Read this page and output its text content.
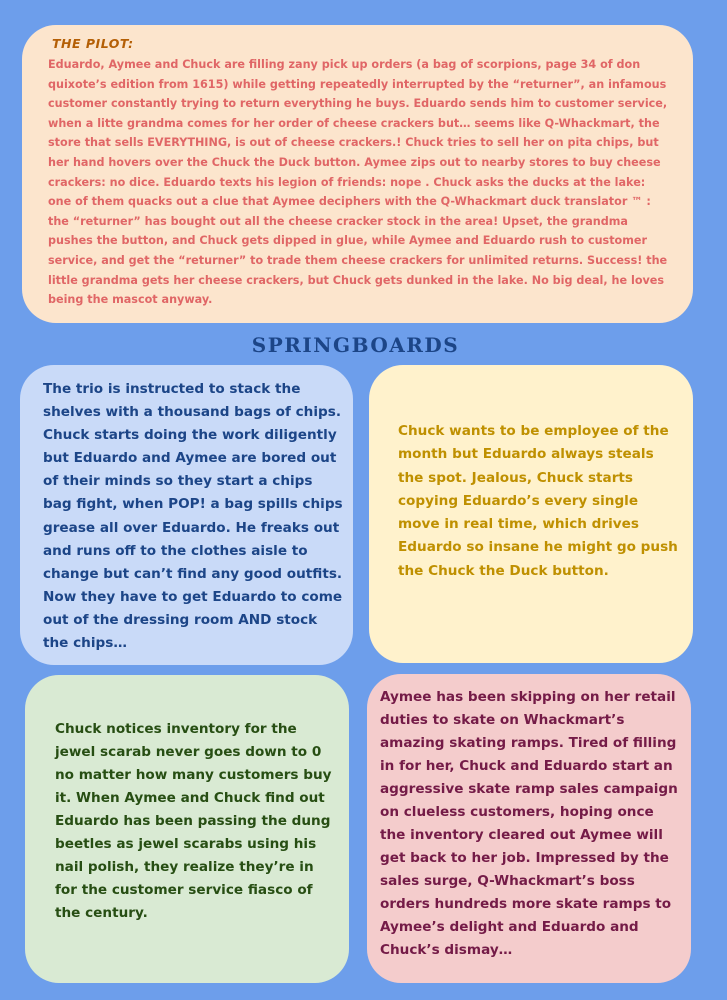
THE PILOT:

Eduardo, Aymee and Chuck are filling zany pick up orders (a bag of scorpions, page 34 of don quixote’s edition from 1615) while getting repeatedly interrupted by the “returner”, an infamous customer constantly trying to return everything he buys. Eduardo sends him to customer service, when a litte grandma comes for her order of cheese crackers but… seems like Q-Whackmart, the store that sells EVERYTHING, is out of cheese crackers.! Chuck tries to sell her on pita chips, but her hand hovers over the Chuck the Duck button. Aymee zips out to nearby stores to buy cheese crackers: no dice. Eduardo texts his legion of friends: nope . Chuck asks the ducks at the lake: one of them quacks out a clue that Aymee deciphers with the Q-Whackmart duck translator ™ : the “returner” has bought out all the cheese cracker stock in the area! Upset, the grandma pushes the button, and Chuck gets dipped in glue, while Aymee and Eduardo rush to customer service, and get the “returner” to trade them cheese crackers for unlimited returns. Success! the little grandma gets her cheese crackers, but Chuck gets dunked in the lake. No big deal, he loves being the mascot anyway.

SPRINGBOARDS

The trio is instructed to stack the shelves with a thousand bags of chips. Chuck starts doing the work diligently but Eduardo and Aymee are bored out of their minds so they start a chips bag fight, when POP! a bag spills chips grease all over Eduardo. He freaks out and runs off to the clothes aisle to change but can’t find any good outfits. Now they have to get Eduardo to come out of the dressing room AND stock the chips…

Chuck wants to be employee of the month but Eduardo always steals the spot. Jealous, Chuck starts copying Eduardo’s every single move in real time, which drives Eduardo so insane he might go push the Chuck the Duck button.

Chuck notices inventory for the jewel scarab never goes down to 0 no matter how many customers buy it. When Aymee and Chuck find out Eduardo has been passing the dung beetles as jewel scarabs using his nail polish, they realize they’re in for the customer service fiasco of the century.

Aymee has been skipping on her retail duties to skate on Whackmart’s amazing skating ramps. Tired of filling in for her, Chuck and Eduardo start an aggressive skate ramp sales campaign on clueless customers, hoping once the inventory cleared out Aymee will get back to her job. Impressed by the sales surge, Q-Whackmart’s boss orders hundreds more skate ramps to Aymee’s delight and Eduardo and Chuck’s dismay…
